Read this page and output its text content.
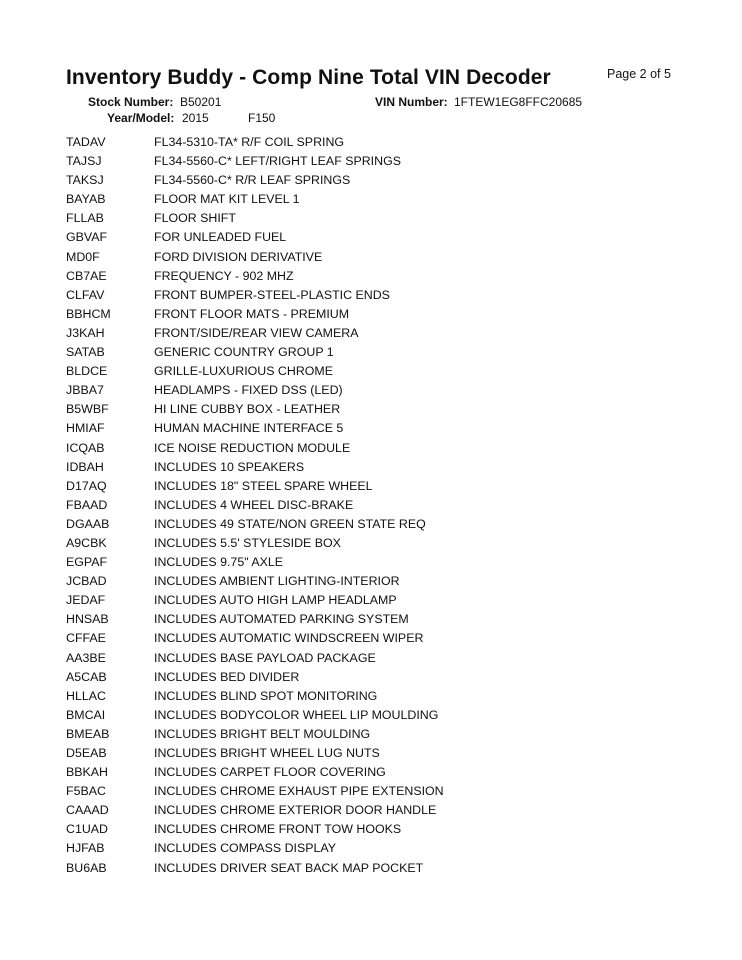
Inventory Buddy - Comp Nine Total VIN Decoder	Page 2 of 5
Stock Number: B50201	VIN Number: 1FTEW1EG8FFC20685
Year/Model: 2015	F150
TADAV	FL34-5310-TA* R/F COIL SPRING
TAJSJ	FL34-5560-C* LEFT/RIGHT LEAF SPRINGS
TAKSJ	FL34-5560-C* R/R LEAF SPRINGS
BAYAB	FLOOR MAT KIT LEVEL 1
FLLAB	FLOOR SHIFT
GBVAF	FOR UNLEADED FUEL
MD0F	FORD DIVISION DERIVATIVE
CB7AE	FREQUENCY - 902 MHZ
CLFAV	FRONT BUMPER-STEEL-PLASTIC ENDS
BBHCM	FRONT FLOOR MATS - PREMIUM
J3KAH	FRONT/SIDE/REAR VIEW CAMERA
SATAB	GENERIC COUNTRY GROUP 1
BLDCE	GRILLE-LUXURIOUS CHROME
JBBA7	HEADLAMPS - FIXED DSS (LED)
B5WBF	HI LINE CUBBY BOX - LEATHER
HMIAF	HUMAN MACHINE INTERFACE 5
ICQAB	ICE NOISE REDUCTION MODULE
IDBAH	INCLUDES 10 SPEAKERS
D17AQ	INCLUDES 18" STEEL SPARE WHEEL
FBAAD	INCLUDES 4 WHEEL DISC-BRAKE
DGAAB	INCLUDES 49 STATE/NON GREEN STATE REQ
A9CBK	INCLUDES 5.5' STYLESIDE BOX
EGPAF	INCLUDES 9.75" AXLE
JCBAD	INCLUDES AMBIENT LIGHTING-INTERIOR
JEDAF	INCLUDES AUTO HIGH LAMP HEADLAMP
HNSAB	INCLUDES AUTOMATED PARKING SYSTEM
CFFAE	INCLUDES AUTOMATIC WINDSCREEN WIPER
AA3BE	INCLUDES BASE PAYLOAD PACKAGE
A5CAB	INCLUDES BED DIVIDER
HLLAC	INCLUDES BLIND SPOT MONITORING
BMCAI	INCLUDES BODYCOLOR WHEEL LIP MOULDING
BMEAB	INCLUDES BRIGHT BELT MOULDING
D5EAB	INCLUDES BRIGHT WHEEL LUG NUTS
BBKAH	INCLUDES CARPET FLOOR COVERING
F5BAC	INCLUDES CHROME EXHAUST PIPE EXTENSION
CAAAD	INCLUDES CHROME EXTERIOR DOOR HANDLE
C1UAD	INCLUDES CHROME FRONT TOW HOOKS
HJFAB	INCLUDES COMPASS DISPLAY
BU6AB	INCLUDES DRIVER SEAT BACK MAP POCKET
